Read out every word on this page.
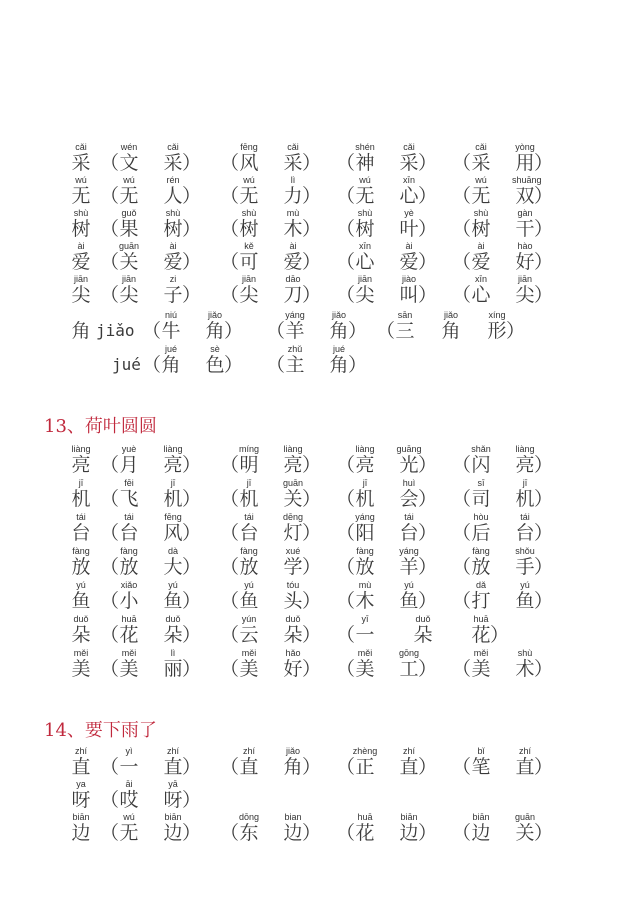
cǎi
采 （
wén
文
cǎi
采 ） （
fēng
风
cǎi
采 ） （
shén
神
cǎi
采 ） （
cǎi
采
yòng
用 ）
wú
无 （
wú
无
rén
人 ） （
wú
无
lì
力 ） （
wú
无
xīn
心 ） （
wú
无
shuāng
双 ）
shù
树 （
guǒ
果
shù
树 ） （
shù
树
mù
木 ） （
shù
树
yè
叶 ） （
shù
树
gàn
干 ）
ài
爱 （
guān
关
ài
爱 ） （
kě
可
ài
爱 ） （
xīn
心
ài
爱 ） （
ài
爱
hào
好 ）
jiān
尖 （
jiān
尖
zi
子 ） （
jiān
尖
dāo
刀 ） （
jiān
尖
jiào
叫 ） （
xīn
心
jiān
尖 ）
角 jiǎo （
niú
牛
jiǎo
角 ） （
yáng
羊
jiǎo
角 ） （
sān
三
jiǎo
角
xíng
形 ）
jué （
jué
角
sè
色 ） （
zhǔ
主
jué
角 ）
13、荷叶圆圆
liàng
亮 （
yuè
月
liàng
亮 ） （
míng
明
liàng
亮 ） （
liàng
亮
guāng
光 ） （
shǎn
闪
liàng
亮 ）
jī
机 （
fēi
飞
jī
机 ） （
jī
机
guān
关 ） （
jī
机
huì
会 ） （
sī
司
jī
机 ）
tái
台 （
tái
台
fēng
风 ） （
tái
台
dēng
灯 ） （
yáng
阳
tái
台 ） （
hòu
后
tái
台 ）
fàng
放 （
fàng
放
dà
大 ） （
fàng
放
xué
学 ） （
fàng
放
yáng
羊 ） （
fàng
放
shǒu
手 ）
yú
鱼 （
xiǎo
小
yú
鱼 ） （
yú
鱼
tóu
头 ） （
mù
木
yú
鱼 ） （
dǎ
打
yú
鱼 ）
duǒ
朵 （
huā
花
duǒ
朵 ） （
yún
云
duǒ
朵 ） （
yī
一
duǒ
朵
huā
花 ）
měi
美 （
měi
美
lì
丽 ） （
měi
美
hǎo
好 ） （
měi
美
gōng
工 ） （
měi
美
shù
术 ）
14、要下雨了
zhí
直 （
yì
一
zhí
直 ） （
zhí
直
jiǎo
角 ） （
zhèng
正
zhí
直 ） （
bǐ
笔
zhí
直 ）
ya
呀 （
āi
哎
yā
呀 ）
biān
边 （
wú
无
biān
边 ） （
dōng
东
bian
边 ） （
huā
花
biān
边 ） （
biān
边
guān
关 ）
